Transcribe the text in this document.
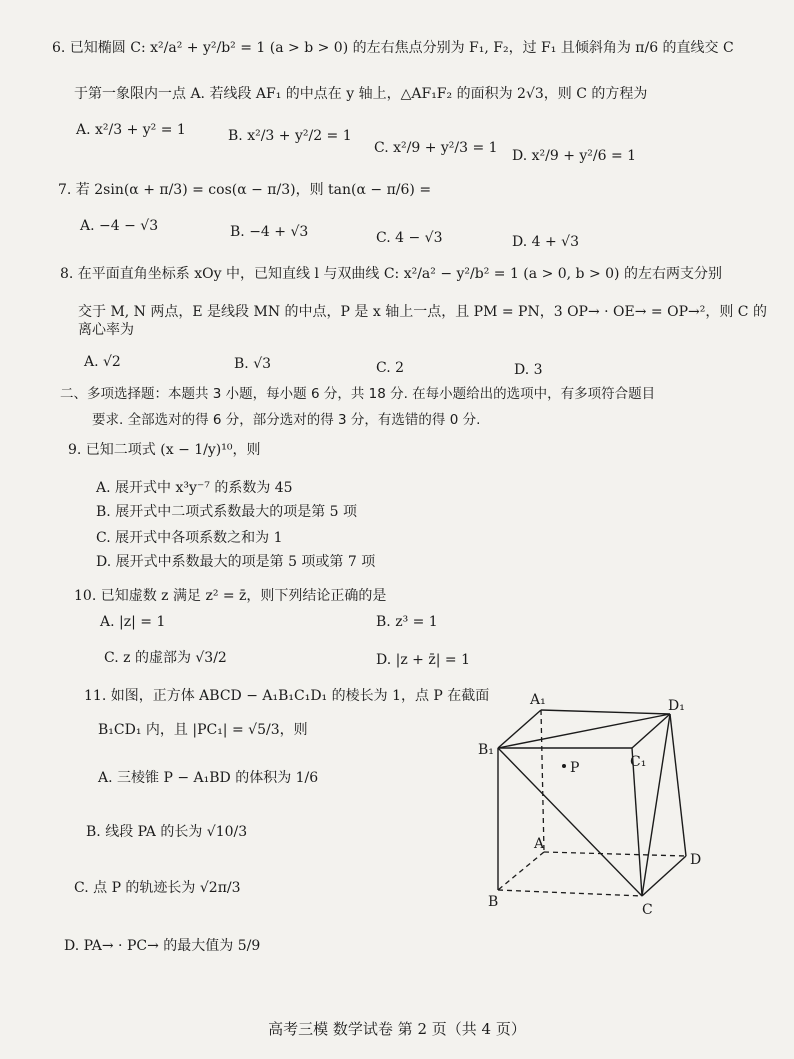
6. 已知椭圆 C: x²/a² + y²/b² = 1 (a > b > 0) 的左右焦点分别为 F₁, F₂，过 F₁ 且倾斜角为 π/6 的直线交 C
于第一象限内一点 A. 若线段 AF₁ 的中点在 y 轴上，△AF₁F₂ 的面积为 2√3，则 C 的方程为
A. x²/3 + y² = 1	B. x²/3 + y²/2 = 1
C. x²/9 + y²/3 = 1 D. x²/9 + y²/6 = 1
7. 若 2sin(α + π/3) = cos(α − π/3)，则 tan(α − π/6) =
A. −4 − √3	B. −4 + √3	C. 4 − √3	D. 4 + √3
8. 在平面直角坐标系 xOy 中，已知直线 l 与双曲线 C: x²/a² − y²/b² = 1 (a > 0, b > 0) 的左右两支分别
交于 M, N 两点，E 是线段 MN 的中点，P 是 x 轴上一点，且 PM = PN，3 OP→ · OE→ = OP→²，则 C 的
离心率为
A. √2	B. √3	C. 2	D. 3
二、多项选择题：本题共 3 小题，每小题 6 分，共 18 分. 在每小题给出的选项中，有多项符合题目
要求. 全部选对的得 6 分，部分选对的得 3 分，有选错的得 0 分.
9. 已知二项式 (x − 1/y)¹⁰，则
A. 展开式中 x³y⁻⁷ 的系数为 45
B. 展开式中二项式系数最大的项是第 5 项
C. 展开式中各项系数之和为 1
D. 展开式中系数最大的项是第 5 项或第 7 项
10. 已知虚数 z 满足 z² = z̄，则下列结论正确的是
A. |z| = 1	B. z³ = 1
C. z 的虚部为 √3/2	D. |z + z̄| = 1
11. 如图，正方体 ABCD − A₁B₁C₁D₁ 的棱长为 1，点 P 在截面
B₁CD₁ 内，且 |PC₁| = √5/3，则
A. 三棱锥 P − A₁BD 的体积为 1/6
B. 线段 PA 的长为 √10/3
C. 点 P 的轨迹长为 √2π/3
D. PA→ · PC→ 的最大值为 5/9
A₁	D₁
B₁
C₁
P
A
D
B	C
高考三模 数学试卷 第 2 页（共 4 页）
